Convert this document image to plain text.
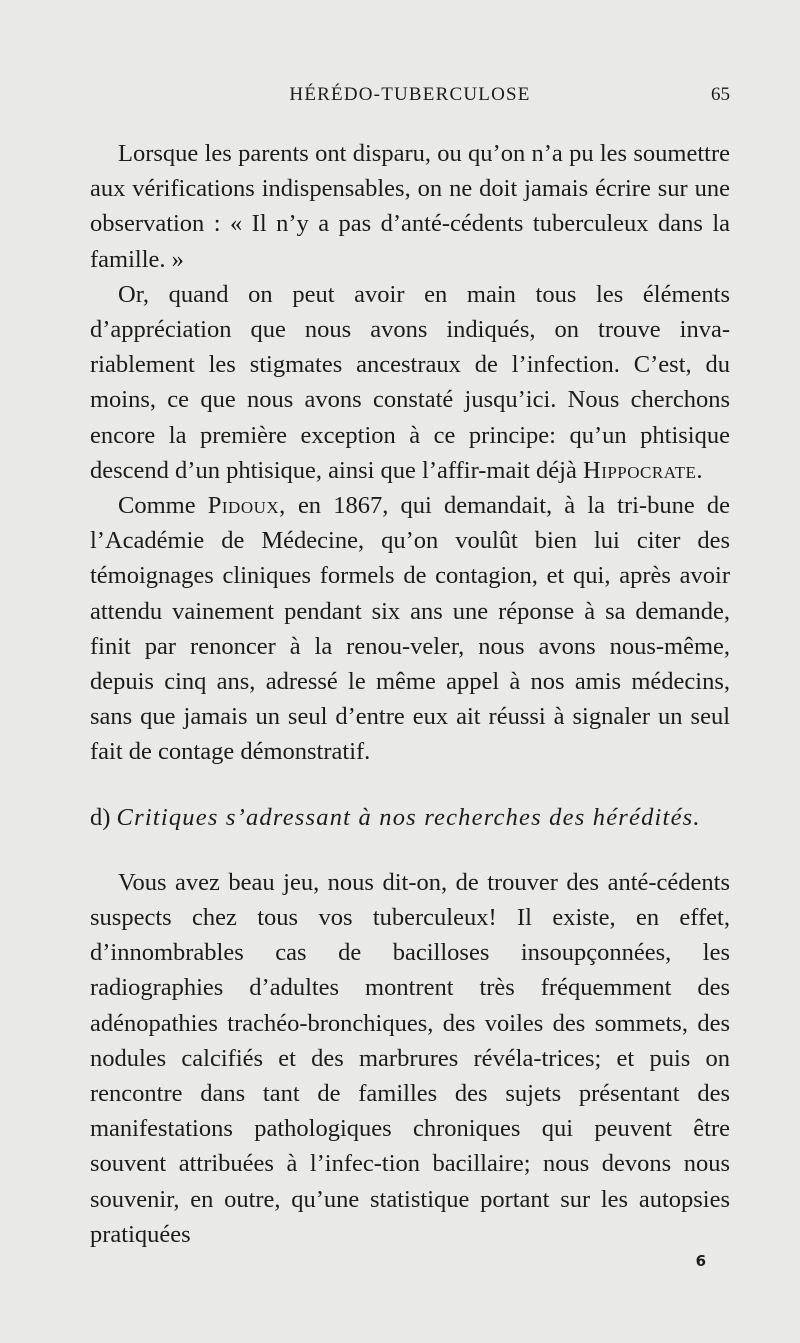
HÉRÉDO-TUBERCULOSE	65

Lorsque les parents ont disparu, ou qu’on n’a pu les soumettre aux vérifications indispensables, on ne doit jamais écrire sur une observation : « Il n’y a pas d’anté-cédents tuberculeux dans la famille. »

Or, quand on peut avoir en main tous les éléments d’appréciation que nous avons indiqués, on trouve inva-riablement les stigmates ancestraux de l’infection. C’est, du moins, ce que nous avons constaté jusqu’ici. Nous cherchons encore la première exception à ce principe: qu’un phtisique descend d’un phtisique, ainsi que l’affir-mait déjà Hippocrate.

Comme Pidoux, en 1867, qui demandait, à la tri-bune de l’Académie de Médecine, qu’on voulût bien lui citer des témoignages cliniques formels de contagion, et qui, après avoir attendu vainement pendant six ans une réponse à sa demande, finit par renoncer à la renou-veler, nous avons nous-même, depuis cinq ans, adressé le même appel à nos amis médecins, sans que jamais un seul d’entre eux ait réussi à signaler un seul fait de contage démonstratif.

d) Critiques s’adressant à nos recherches des hérédités.

Vous avez beau jeu, nous dit-on, de trouver des anté-cédents suspects chez tous vos tuberculeux! Il existe, en effet, d’innombrables cas de bacilloses insoupçonnées, les radiographies d’adultes montrent très fréquemment des adénopathies trachéo-bronchiques, des voiles des sommets, des nodules calcifiés et des marbrures révéla-trices; et puis on rencontre dans tant de familles des sujets présentant des manifestations pathologiques chroniques qui peuvent être souvent attribuées à l’infec-tion bacillaire; nous devons nous souvenir, en outre, qu’une statistique portant sur les autopsies pratiquées

6
